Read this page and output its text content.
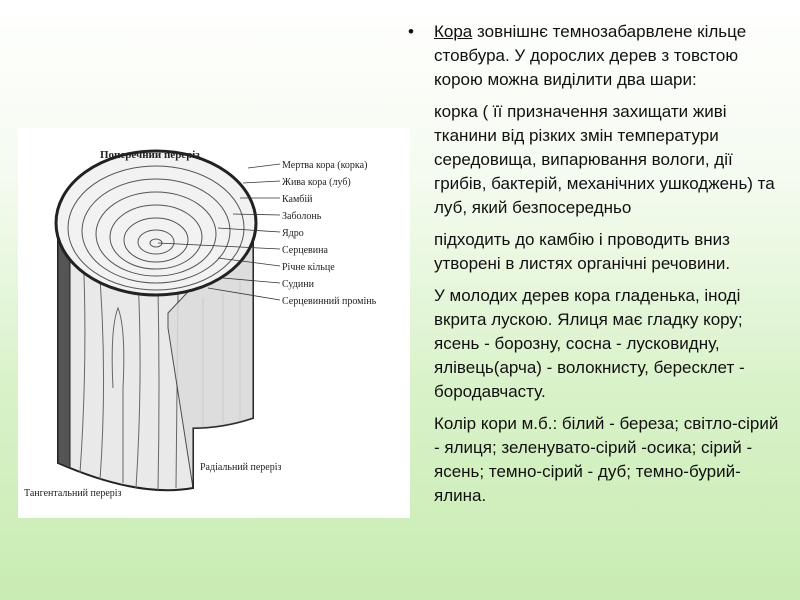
Поперечний переріз
Мертва кора (корка)
Жива кора (луб)
Камбій
Заболонь
Ядро
Серцевина
Річне кільце
Судини
Серцевинний промінь
Радіальний переріз
Тангентальний переріз
•	Кора зовнішнє темнозабарвлене кільце стовбура. У дорослих дерев з товстою корою можна виділити два шари:

корка ( її призначення захищати живі тканини від різких змін температури середовища, випарювання вологи, дії грибів, бактерій, механічних ушкоджень) та луб, який безпосередньо

підходить до камбію і проводить вниз утворені в листях органічні речовини.

У молодих дерев кора гладенька, іноді вкрита лускою. Ялиця має гладку кору; ясень - борозну, сосна - лусковидну, ялівець(арча) - волокнисту, бересклет - бородавчасту.

Колір кори м.б.: білий - береза; світло-сірий - ялиця; зеленувато-сірий -осика; сірий - ясень; темно-сірий - дуб; темно-бурий- ялина.
